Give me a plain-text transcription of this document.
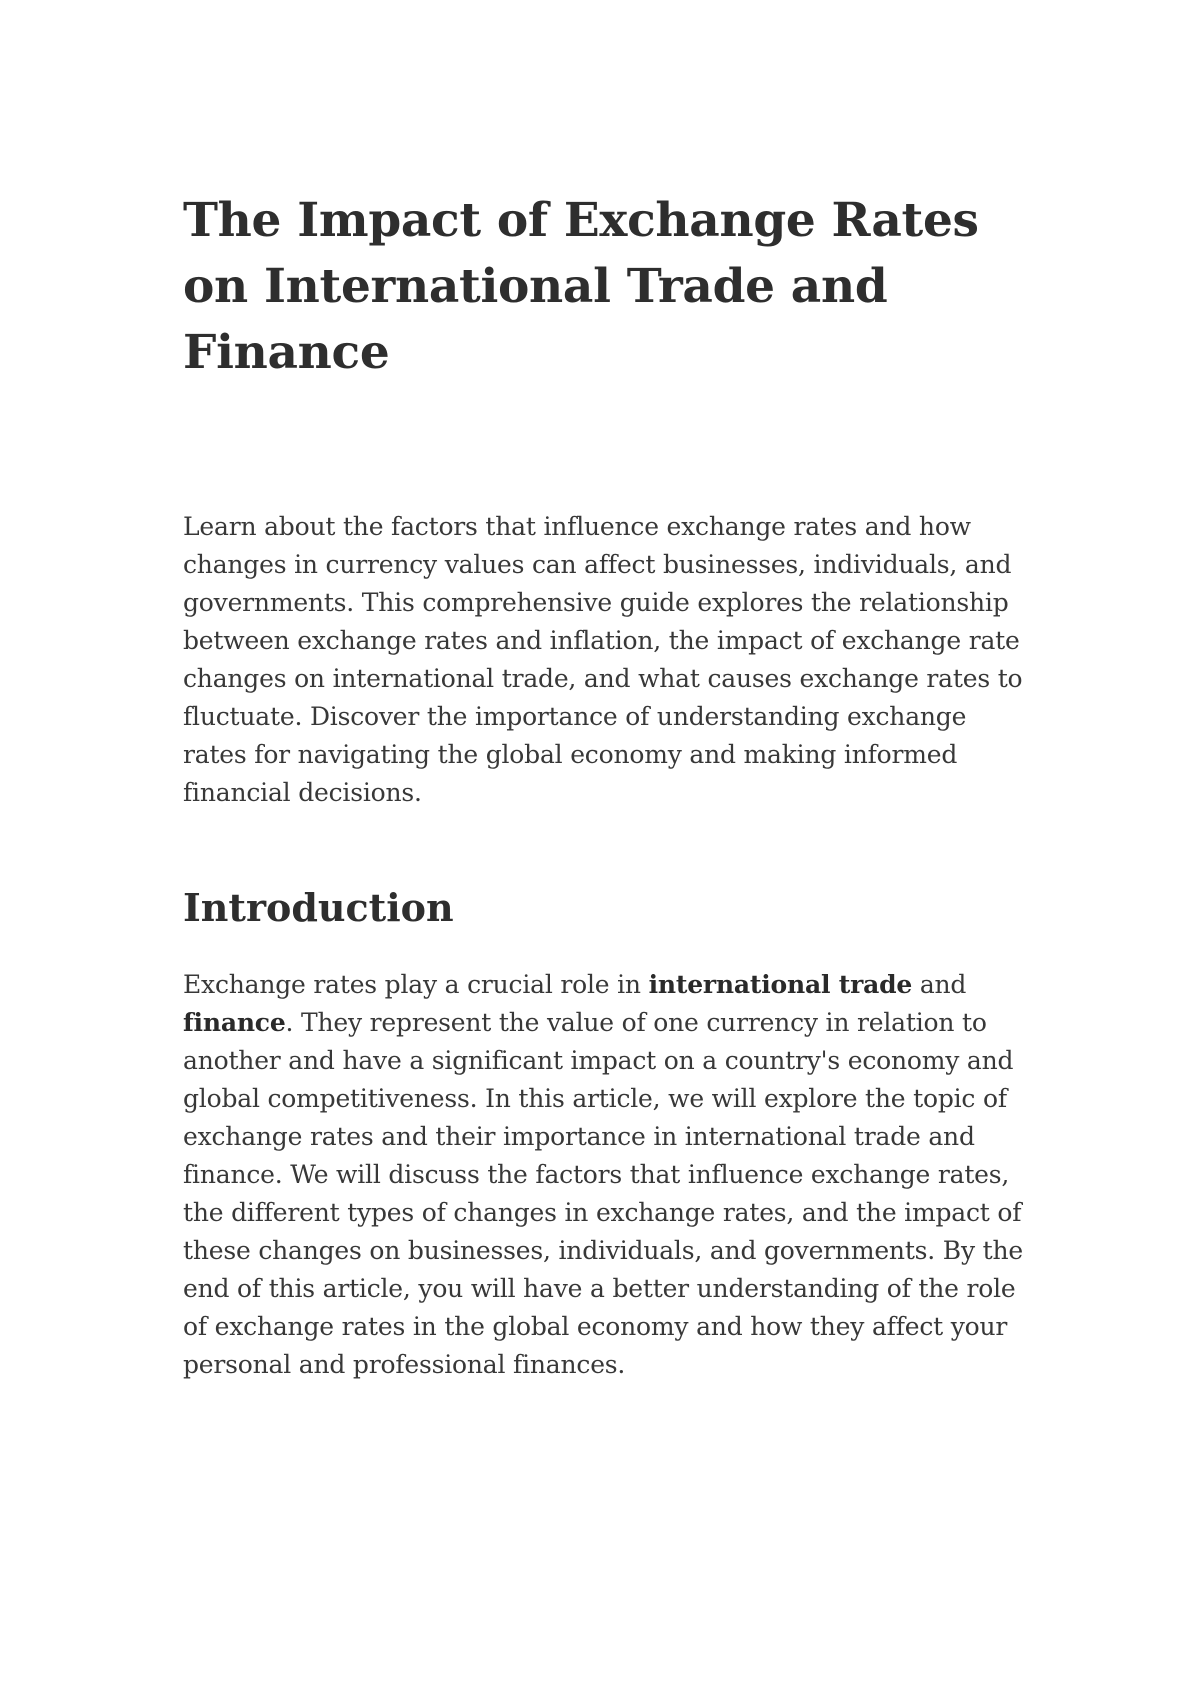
The Impact of Exchange Rates on International Trade and Finance

Learn about the factors that influence exchange rates and how changes in currency values can affect businesses, individuals, and governments. This comprehensive guide explores the relationship between exchange rates and inflation, the impact of exchange rate changes on international trade, and what causes exchange rates to fluctuate. Discover the importance of understanding exchange rates for navigating the global economy and making informed financial decisions.

Introduction

Exchange rates play a crucial role in international trade and finance. They represent the value of one currency in relation to another and have a significant impact on a country's economy and global competitiveness. In this article, we will explore the topic of exchange rates and their importance in international trade and finance. We will discuss the factors that influence exchange rates, the different types of changes in exchange rates, and the impact of these changes on businesses, individuals, and governments. By the end of this article, you will have a better understanding of the role of exchange rates in the global economy and how they affect your personal and professional finances.
